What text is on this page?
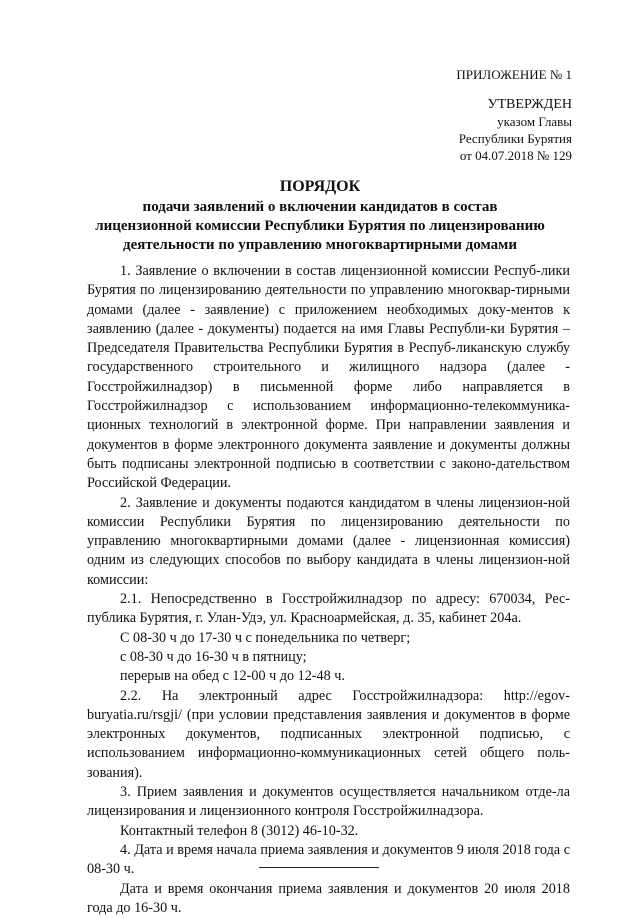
ПРИЛОЖЕНИЕ № 1
УТВЕРЖДЕН
указом Главы
Республики Бурятия
от 04.07.2018 № 129
ПОРЯДОК
подачи заявлений о включении кандидатов в состав
лицензионной комиссии Республики Бурятия по лицензированию
деятельности по управлению многоквартирными домами

1. Заявление о включении в состав лицензионной комиссии Респуб-лики Бурятия по лицензированию деятельности по управлению многоквар-тирными домами (далее - заявление) с приложением необходимых доку-ментов к заявлению (далее - документы) подается на имя Главы Республи-ки Бурятия – Председателя Правительства Республики Бурятия в Респуб-ликанскую службу государственного строительного и жилищного надзора (далее - Госстройжилнадзор) в письменной форме либо направляется в Госстройжилнадзор с использованием информационно-телекоммуника-ционных технологий в электронной форме. При направлении заявления и документов в форме электронного документа заявление и документы должны быть подписаны электронной подписью в соответствии с законо-дательством Российской Федерации.

2. Заявление и документы подаются кандидатом в члены лицензион-ной комиссии Республики Бурятия по лицензированию деятельности по управлению многоквартирными домами (далее - лицензионная комиссия) одним из следующих способов по выбору кандидата в члены лицензион-ной комиссии:

2.1. Непосредственно в Госстройжилнадзор по адресу: 670034, Рес-публика Бурятия, г. Улан-Удэ, ул. Красноармейская, д. 35, кабинет 204а.

С 08-30 ч до 17-30 ч с понедельника по четверг;

с 08-30 ч до 16-30 ч в пятницу;

перерыв на обед с 12-00 ч до 12-48 ч.

2.2. На электронный адрес Госстройжилнадзора: http://egov-buryatia.ru/rsgji/ (при условии представления заявления и документов в форме электронных документов, подписанных электронной подписью, с использованием информационно-коммуникационных сетей общего поль-зования).

3. Прием заявления и документов осуществляется начальником отде-ла лицензирования и лицензионного контроля Госстройжилнадзора.

Контактный телефон 8 (3012) 46-10-32.

4. Дата и время начала приема заявления и документов 9 июля 2018 года с 08-30 ч.

Дата и время окончания приема заявления и документов 20 июля 2018 года до 16-30 ч.
